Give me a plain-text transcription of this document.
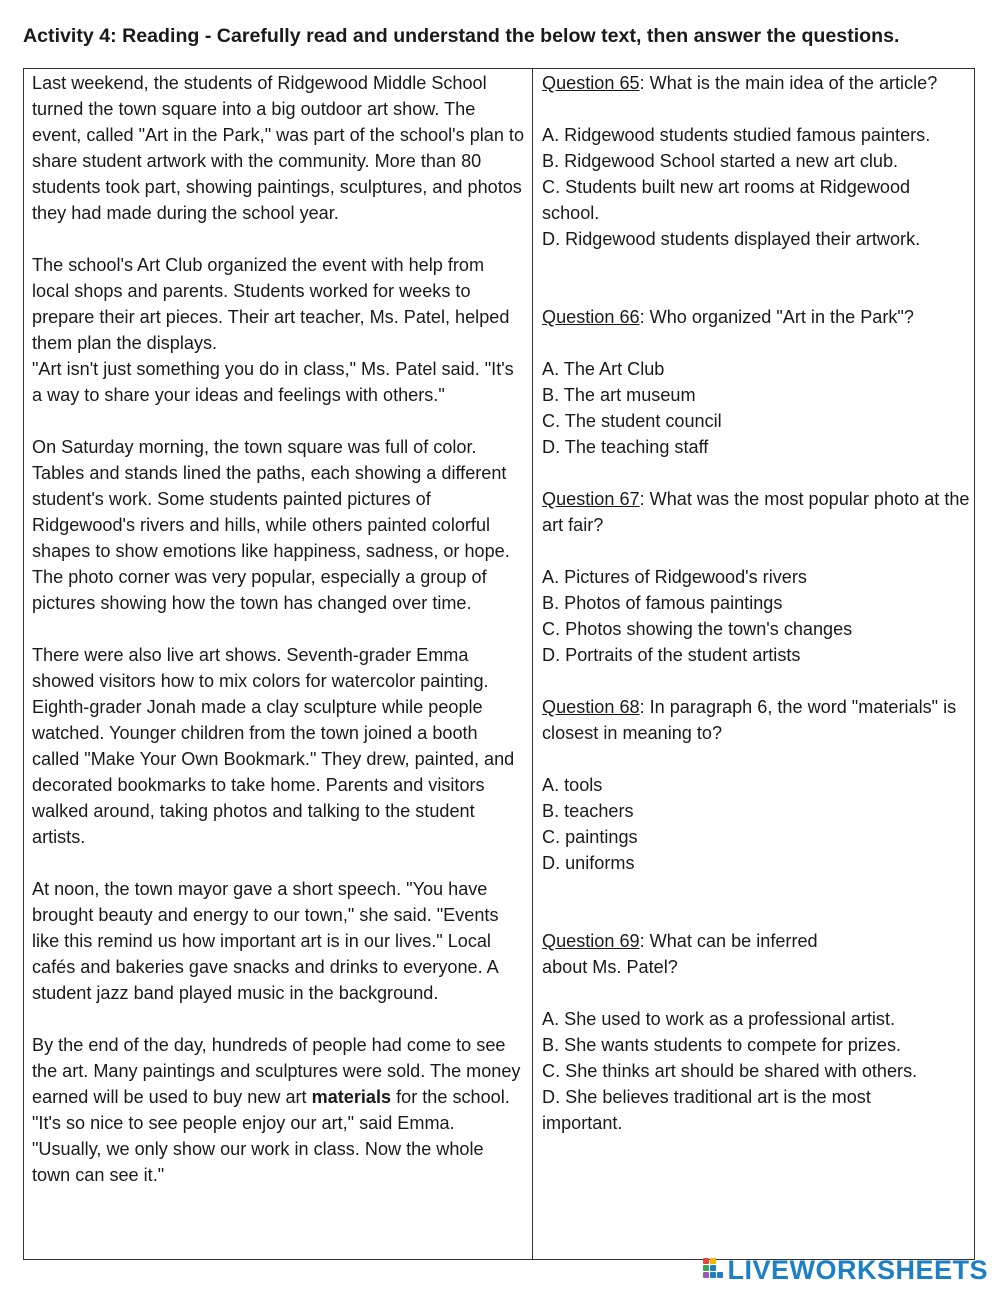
Activity 4: Reading - Carefully read and understand the below text, then answer the questions.

Last weekend, the students of Ridgewood Middle School turned the town square into a big outdoor art show. The event, called "Art in the Park," was part of the school's plan to share student artwork with the community. More than 80 students took part, showing paintings, sculptures, and photos they had made during the school year.

The school's Art Club organized the event with help from local shops and parents. Students worked for weeks to prepare their art pieces. Their art teacher, Ms. Patel, helped them plan the displays.

"Art isn't just something you do in class," Ms. Patel said. "It's a way to share your ideas and feelings with others."

On Saturday morning, the town square was full of color. Tables and stands lined the paths, each showing a different student's work. Some students painted pictures of Ridgewood's rivers and hills, while others painted colorful shapes to show emotions like happiness, sadness, or hope. The photo corner was very popular, especially a group of pictures showing how the town has changed over time.

There were also live art shows. Seventh-grader Emma showed visitors how to mix colors for watercolor painting. Eighth-grader Jonah made a clay sculpture while people watched. Younger children from the town joined a booth called "Make Your Own Bookmark." They drew, painted, and decorated bookmarks to take home. Parents and visitors walked around, taking photos and talking to the student artists.

At noon, the town mayor gave a short speech. "You have brought beauty and energy to our town," she said. "Events like this remind us how important art is in our lives." Local cafés and bakeries gave snacks and drinks to everyone. A student jazz band played music in the background.

By the end of the day, hundreds of people had come to see the art. Many paintings and sculptures were sold. The money earned will be used to buy new art materials for the school. "It's so nice to see people enjoy our art," said Emma. "Usually, we only show our work in class. Now the whole town can see it."

Question 65: What is the main idea of the article?
A. Ridgewood students studied famous painters.
B. Ridgewood School started a new art club.
C. Students built new art rooms at Ridgewood school.
D. Ridgewood students displayed their artwork.
Question 66: Who organized "Art in the Park"?
A. The Art Club
B. The art museum
C. The student council
D. The teaching staff
Question 67: What was the most popular photo at the art fair?
A. Pictures of Ridgewood's rivers
B. Photos of famous paintings
C. Photos showing the town's changes
D. Portraits of the student artists
Question 68: In paragraph 6, the word "materials" is closest in meaning to?
A. tools
B. teachers
C. paintings
D. uniforms
Question 69: What can be inferred about Ms. Patel?
A. She used to work as a professional artist.
B. She wants students to compete for prizes.
C. She thinks art should be shared with others.
D. She believes traditional art is the most important.
LIVEWORKSHEETS
